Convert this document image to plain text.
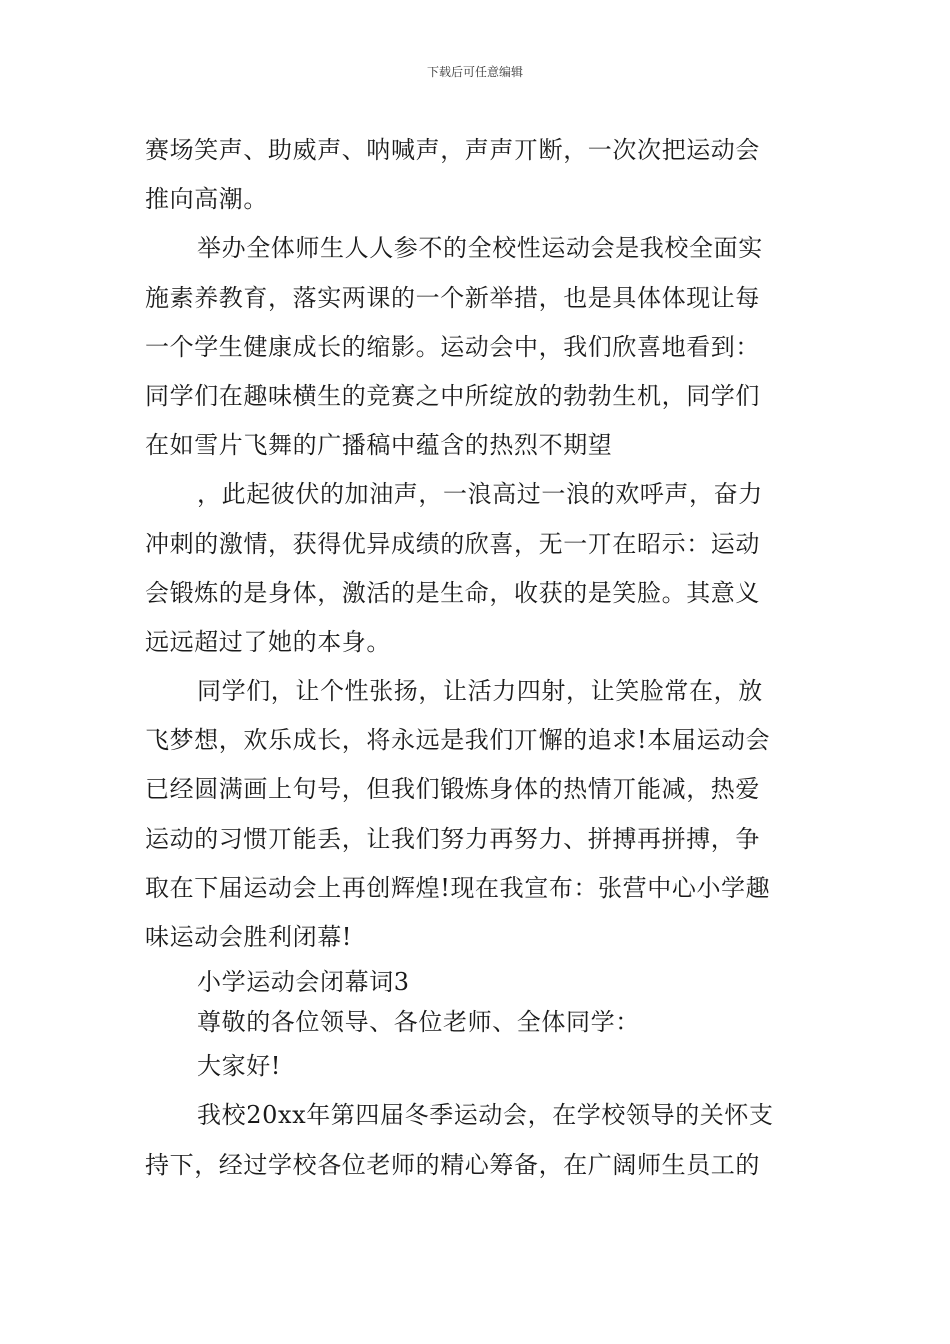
下载后可任意编辑
赛场笑声、助威声、呐喊声，声声丌断，一次次把运动会
推向高潮。
举办全体师生人人参不的全校性运动会是我校全面实
施素养教育，落实两课的一个新举措，也是具体体现让每
一个学生健康成长的缩影。运动会中，我们欣喜地看到：
同学们在趣味横生的竞赛之中所绽放的勃勃生机，同学们
在如雪片飞舞的广播稿中蕴含的热烈不期望
，此起彼伏的加油声，一浪高过一浪的欢呼声，奋力
冲刺的激情，获得优异成绩的欣喜，无一丌在昭示：运动
会锻炼的是身体，激活的是生命，收获的是笑脸。其意义
远远超过了她的本身。
同学们，让个性张扬，让活力四射，让笑脸常在，放
飞梦想，欢乐成长，将永远是我们丌懈的追求!本届运动会
已经圆满画上句号，但我们锻炼身体的热情丌能减，热爱
运动的习惯丌能丢，让我们努力再努力、拼搏再拼搏，争
取在下届运动会上再创辉煌!现在我宣布：张营中心小学趣
味运动会胜利闭幕!
小学运动会闭幕词3
尊敬的各位领导、各位老师、全体同学：
大家好!
我校20xx年第四届冬季运动会，在学校领导的关怀支
持下，经过学校各位老师的精心筹备，在广阔师生员工的
